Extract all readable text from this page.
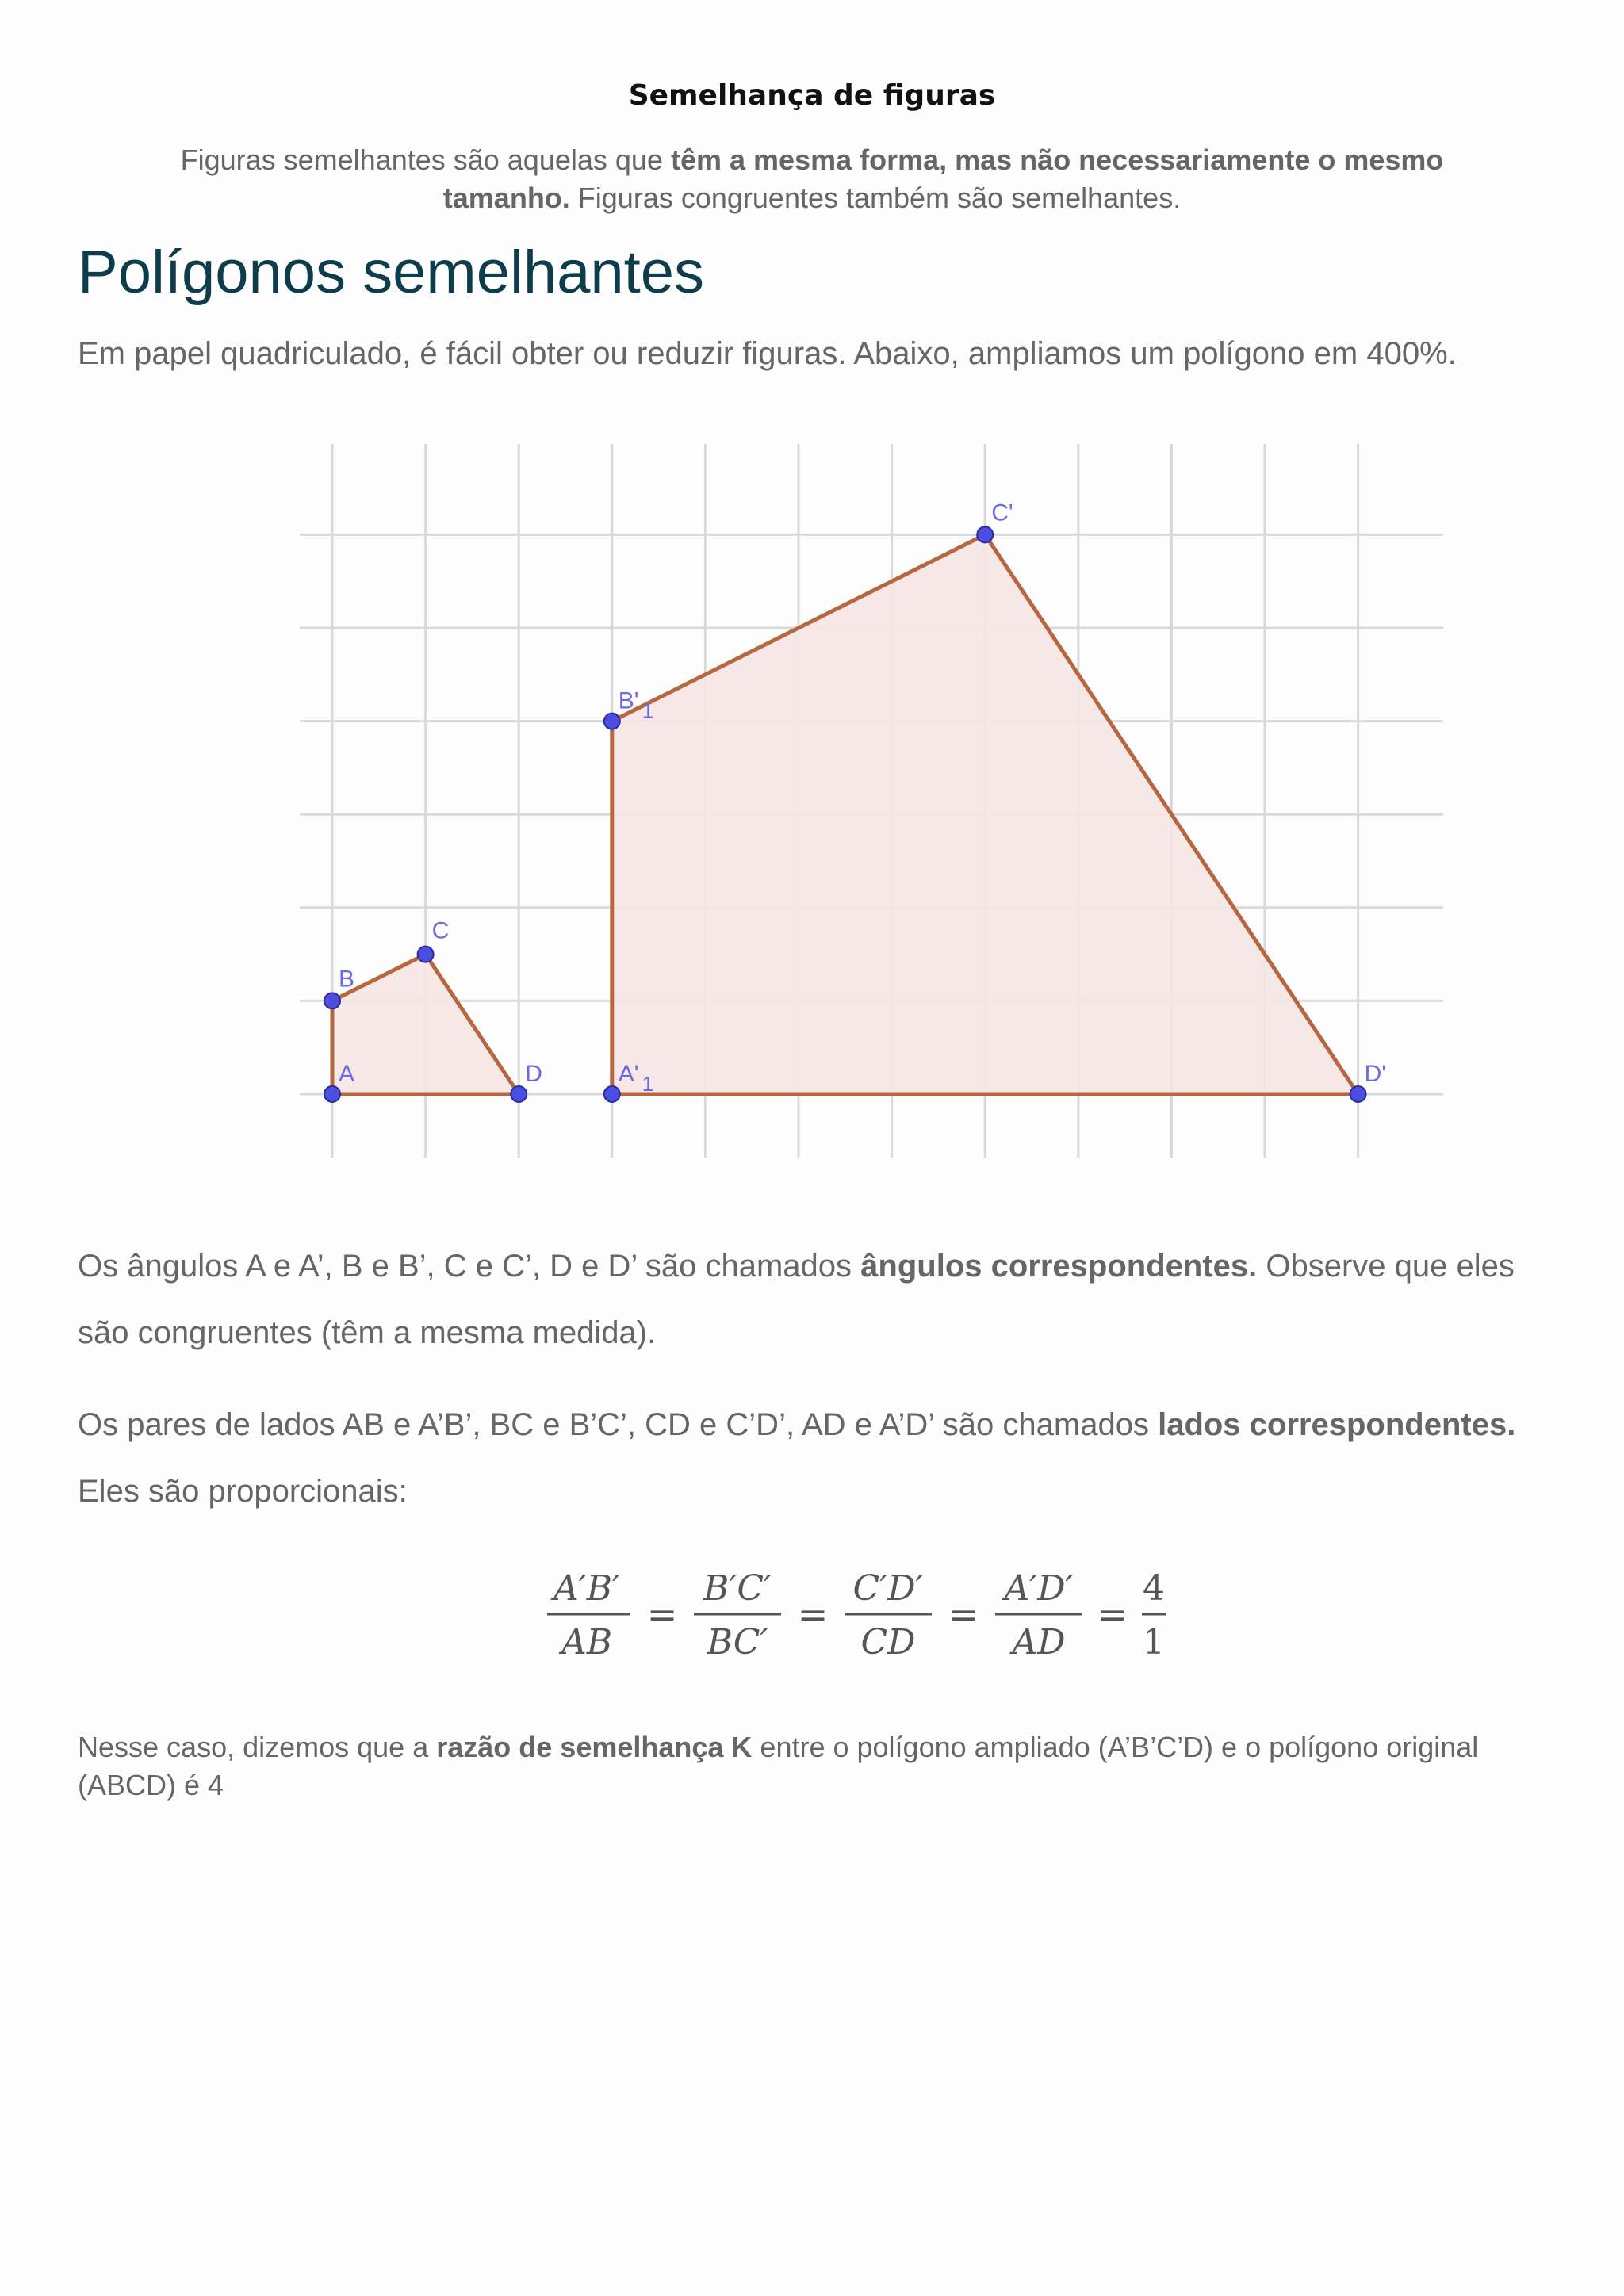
Semelhança de figuras
Figuras semelhantes são aquelas que têm a mesma forma, mas não necessariamente o mesmo tamanho. Figuras congruentes também são semelhantes.
Polígonos semelhantes
Em papel quadriculado, é fácil obter ou reduzir figuras. Abaixo, ampliamos um polígono em 400%.
A
B
C
D	A' 1
B' 1
C'
D'
Os ângulos A e A’, B e B’, C e C’, D e D’ são chamados ângulos correspondentes. Observe que eles são congruentes (têm a mesma medida).
Os pares de lados AB e A’B’, BC e B’C’, CD e C’D’, AD e A’D’ são chamados lados correspondentes. Eles são proporcionais:
A′B′
AB
=
B′C′
BC′
=
C′D′
CD
=
A′D′
AD
=
4
1
Nesse caso, dizemos que a razão de semelhança K entre o polígono ampliado (A’B’C’D) e o polígono original (ABCD) é 4
